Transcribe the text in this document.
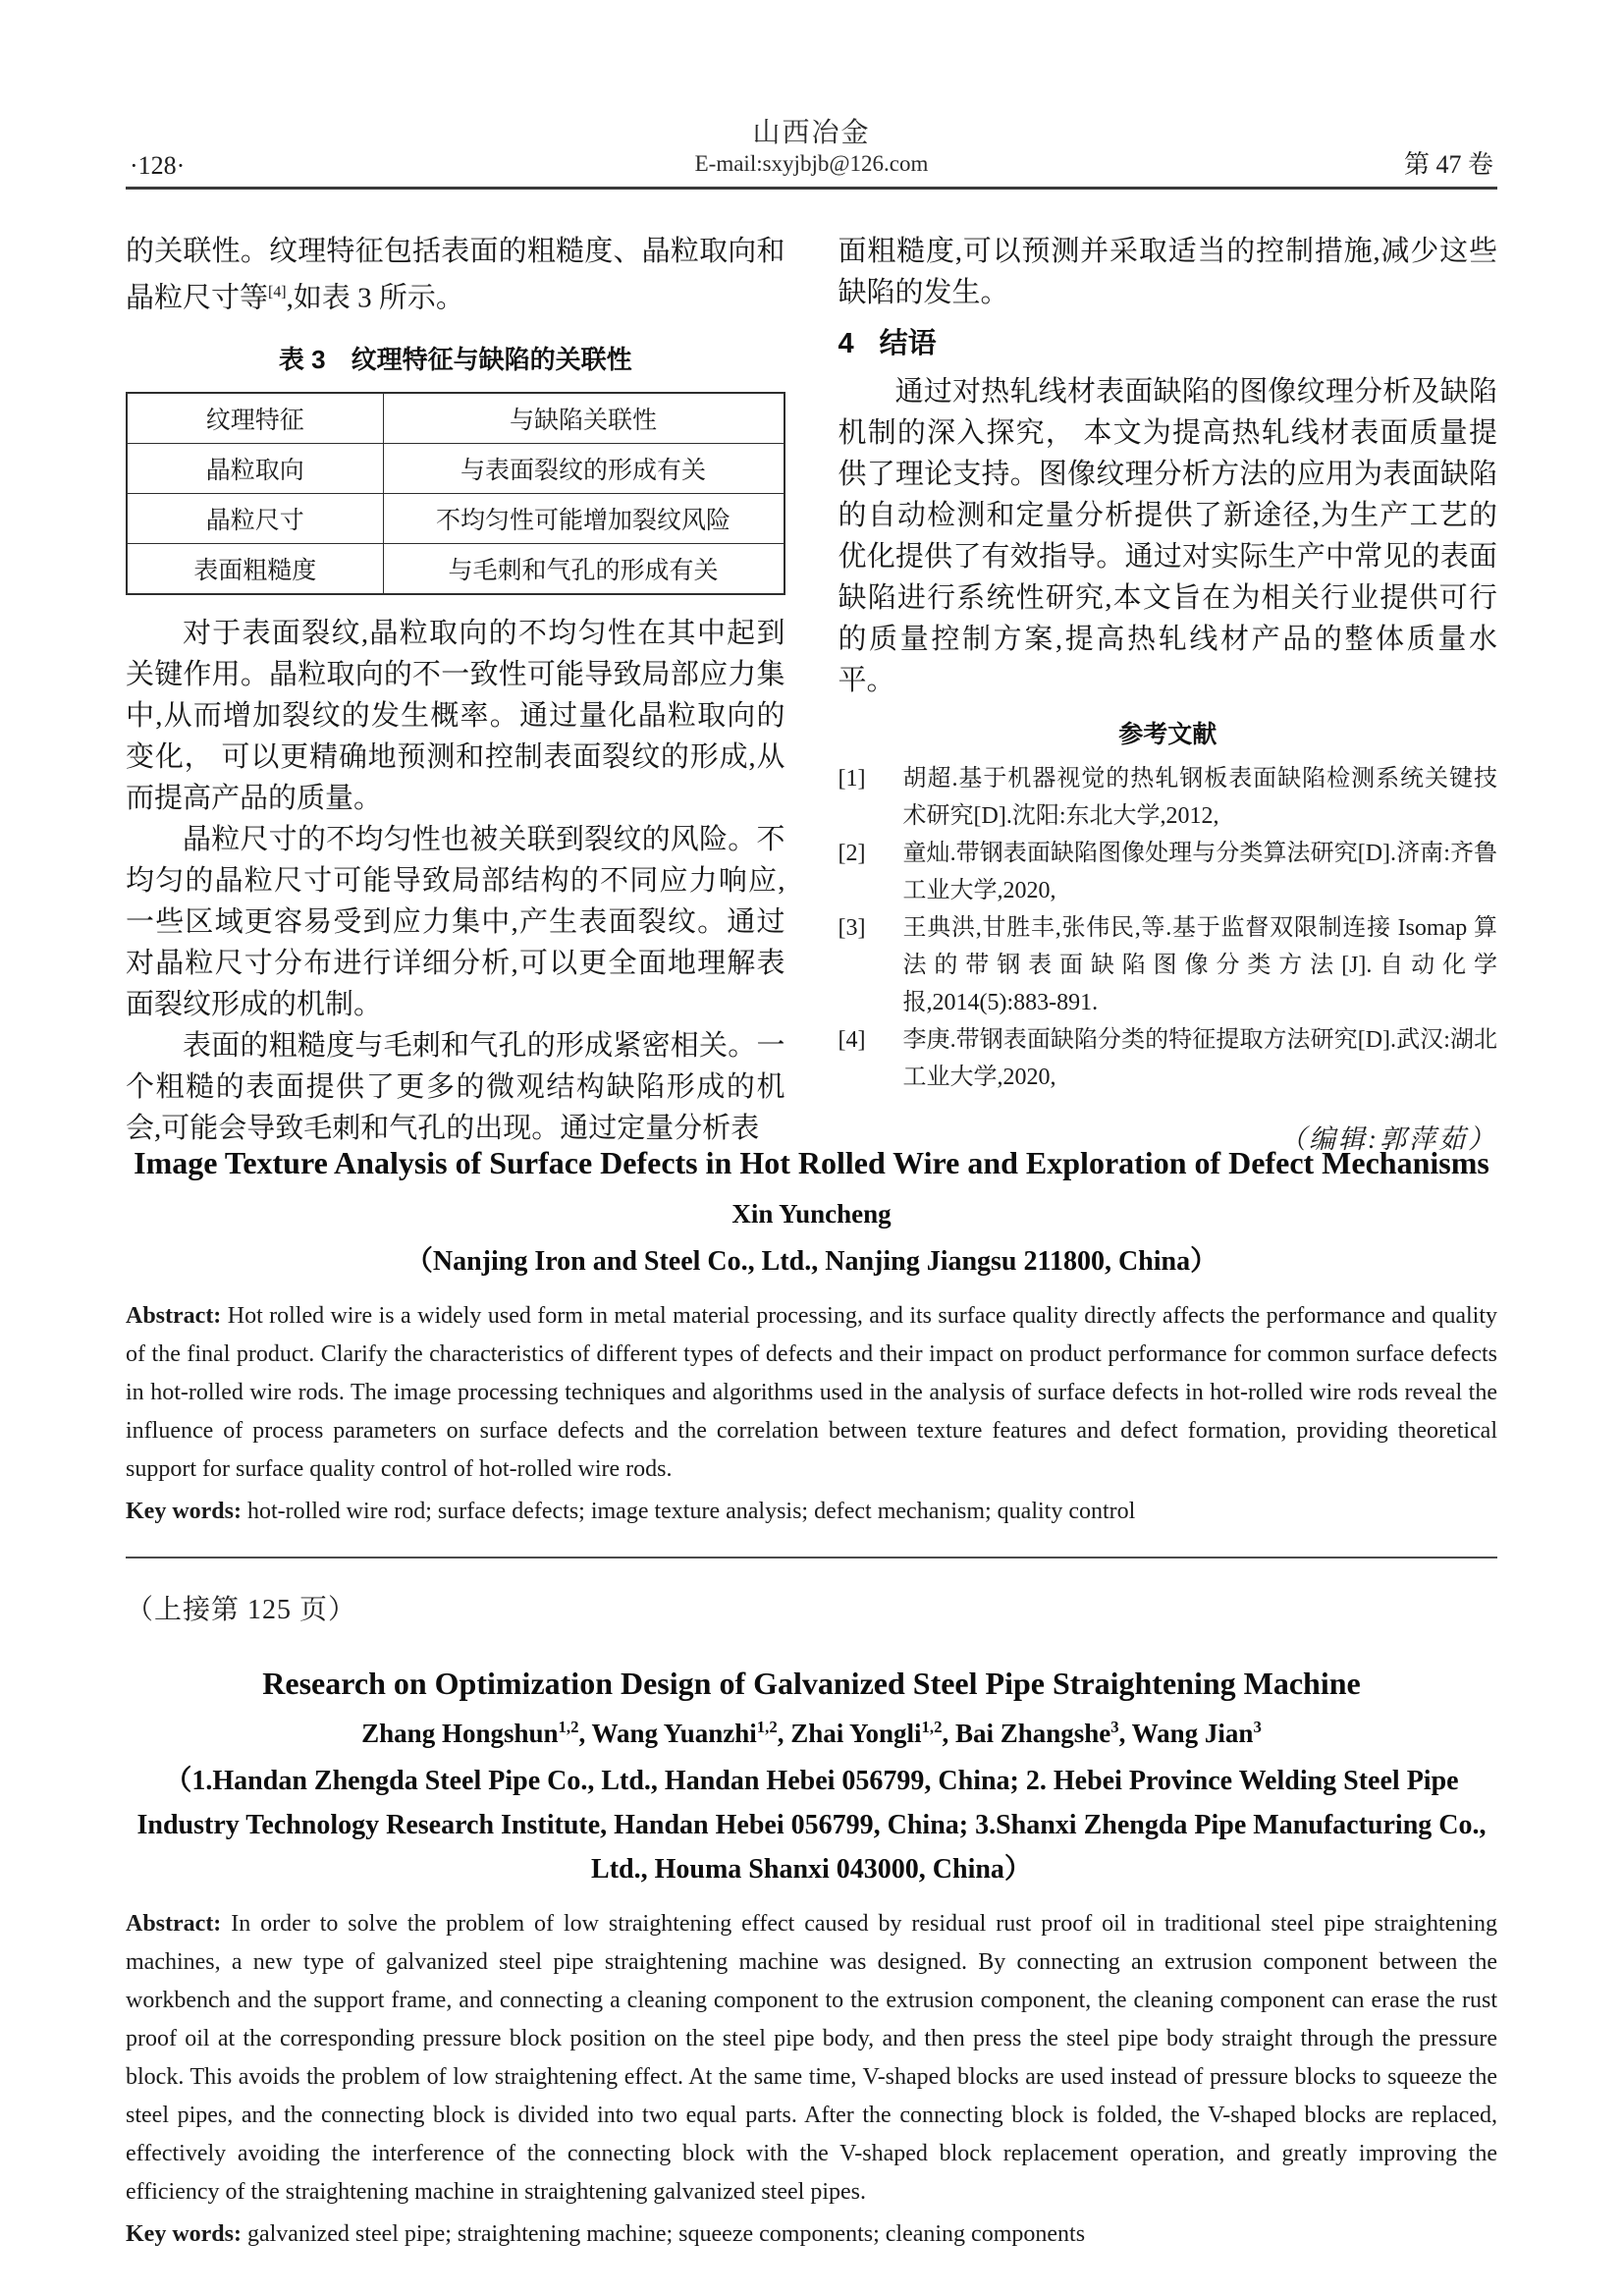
山西冶金
E-mail:sxyjbjb@126.com
·128·	第 47 卷

的关联性。纹理特征包括表面的粗糙度、晶粒取向和晶粒尺寸等[4],如表 3 所示。

表 3　纹理特征与缺陷的关联性
纹理特征	与缺陷关联性
晶粒取向	与表面裂纹的形成有关
晶粒尺寸	不均匀性可能增加裂纹风险
表面粗糙度	与毛刺和气孔的形成有关

对于表面裂纹,晶粒取向的不均匀性在其中起到关键作用。晶粒取向的不一致性可能导致局部应力集中,从而增加裂纹的发生概率。通过量化晶粒取向的变化， 可以更精确地预测和控制表面裂纹的形成,从而提高产品的质量。

晶粒尺寸的不均匀性也被关联到裂纹的风险。不均匀的晶粒尺寸可能导致局部结构的不同应力响应,一些区域更容易受到应力集中,产生表面裂纹。通过对晶粒尺寸分布进行详细分析,可以更全面地理解表面裂纹形成的机制。

表面的粗糙度与毛刺和气孔的形成紧密相关。一个粗糙的表面提供了更多的微观结构缺陷形成的机会,可能会导致毛刺和气孔的出现。通过定量分析表

面粗糙度,可以预测并采取适当的控制措施,减少这些缺陷的发生。

4 结语

通过对热轧线材表面缺陷的图像纹理分析及缺陷机制的深入探究， 本文为提高热轧线材表面质量提供了理论支持。图像纹理分析方法的应用为表面缺陷的自动检测和定量分析提供了新途径,为生产工艺的优化提供了有效指导。通过对实际生产中常见的表面缺陷进行系统性研究,本文旨在为相关行业提供可行的质量控制方案,提高热轧线材产品的整体质量水平。

参考文献
[1]	胡超.基于机器视觉的热轧钢板表面缺陷检测系统关键技术研究[D].沈阳:东北大学,2012,
[2]	童灿.带钢表面缺陷图像处理与分类算法研究[D].济南:齐鲁工业大学,2020,
[3]	王典洪,甘胜丰,张伟民,等.基于监督双限制连接 Isomap 算法的带钢表面缺陷图像分类方法[J].自动化学报,2014(5):883-891.
[4]	李庚.带钢表面缺陷分类的特征提取方法研究[D].武汉:湖北工业大学,2020,
（编辑:郭萍茹）
Image Texture Analysis of Surface Defects in Hot Rolled Wire and Exploration of Defect Mechanisms
Xin Yuncheng
（Nanjing Iron and Steel Co., Ltd., Nanjing Jiangsu 211800, China）

Abstract: Hot rolled wire is a widely used form in metal material processing, and its surface quality directly affects the performance and quality of the final product. Clarify the characteristics of different types of defects and their impact on product performance for common surface defects in hot-rolled wire rods. The image processing techniques and algorithms used in the analysis of surface defects in hot-rolled wire rods reveal the influence of process parameters on surface defects and the correlation between texture features and defect formation, providing theoretical support for surface quality control of hot-rolled wire rods.

Key words: hot-rolled wire rod; surface defects; image texture analysis; defect mechanism; quality control

（上接第 125 页）
Research on Optimization Design of Galvanized Steel Pipe Straightening Machine
Zhang Hongshun$^{1,2}$, Wang Yuanzhi$^{1,2}$, Zhai Yongli$^{1,2}$, Bai Zhangshe$^3$, Wang Jian$^3$
（1.Handan Zhengda Steel Pipe Co., Ltd., Handan Hebei 056799, China; 2. Hebei Province Welding Steel Pipe Industry Technology Research Institute, Handan Hebei 056799, China; 3.Shanxi Zhengda Pipe Manufacturing Co., Ltd., Houma Shanxi 043000, China）

Abstract: In order to solve the problem of low straightening effect caused by residual rust proof oil in traditional steel pipe straightening machines, a new type of galvanized steel pipe straightening machine was designed. By connecting an extrusion component between the workbench and the support frame, and connecting a cleaning component to the extrusion component, the cleaning component can erase the rust proof oil at the corresponding pressure block position on the steel pipe body, and then press the steel pipe body straight through the pressure block. This avoids the problem of low straightening effect. At the same time, V-shaped blocks are used instead of pressure blocks to squeeze the steel pipes, and the connecting block is divided into two equal parts. After the connecting block is folded, the V-shaped blocks are replaced, effectively avoiding the interference of the connecting block with the V-shaped block replacement operation, and greatly improving the efficiency of the straightening machine in straightening galvanized steel pipes.

Key words: galvanized steel pipe; straightening machine; squeeze components; cleaning components
